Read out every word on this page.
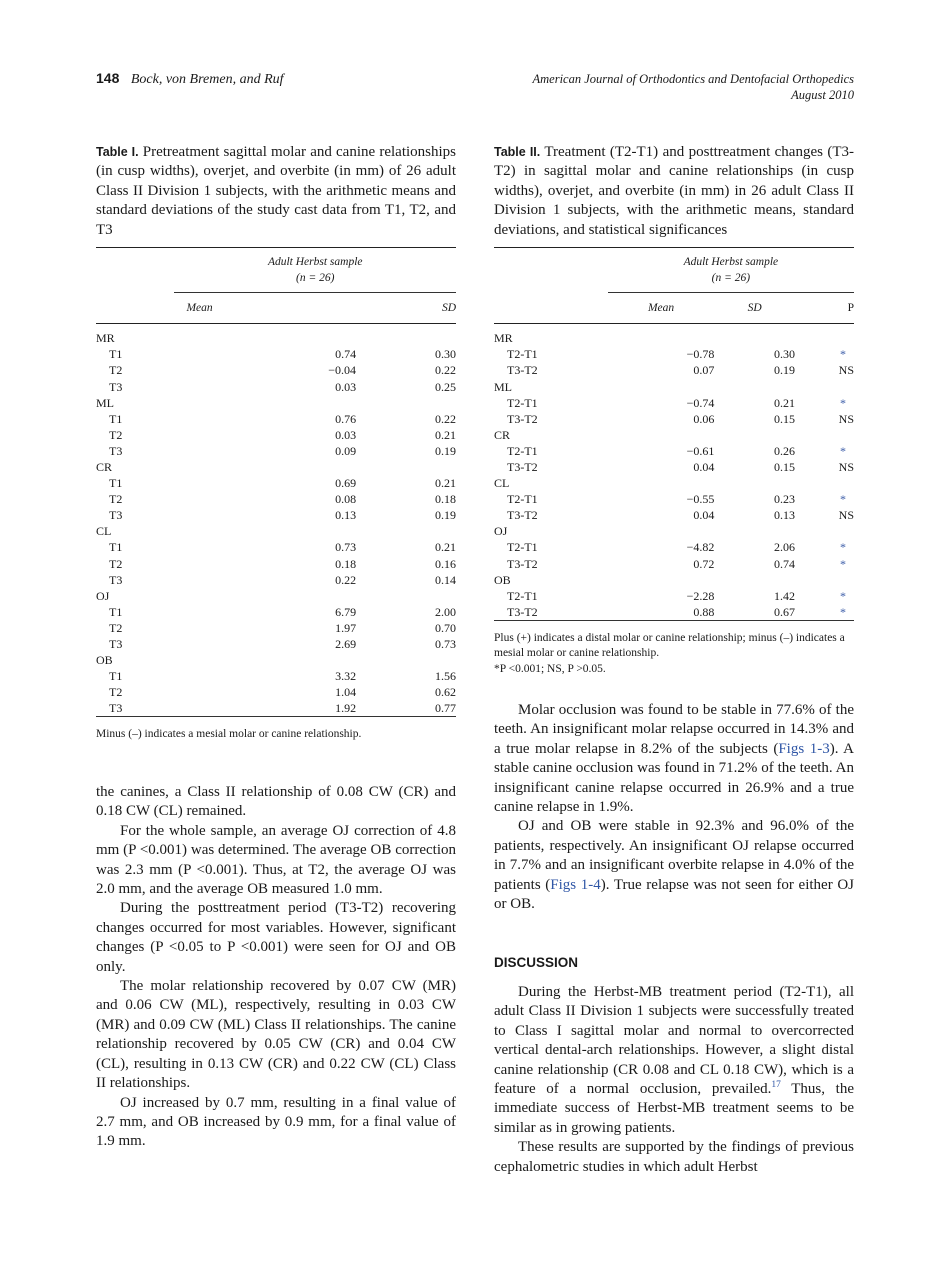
148 Bock, von Bremen, and Ruf	American Journal of Orthodontics and Dentofacial Orthopedics
August 2010
Table I. Pretreatment sagittal molar and canine relationships (in cusp widths), overjet, and overbite (in mm) of 26 adult Class II Division 1 subjects, with the arithmetic means and standard deviations of the study cast data from T1, T2, and T3

	Adult Herbst sample
(n = 26)	

	Mean	SD

MR		
T1	0.74	0.30
T2	−0.04	0.22
T3	0.03	0.25
ML		
T1	0.76	0.22
T2	0.03	0.21
T3	0.09	0.19
CR		
T1	0.69	0.21
T2	0.08	0.18
T3	0.13	0.19
CL		
T1	0.73	0.21
T2	0.18	0.16
T3	0.22	0.14
OJ		
T1	6.79	2.00
T2	1.97	0.70
T3	2.69	0.73
OB		
T1	3.32	1.56
T2	1.04	0.62
T3	1.92	0.77

Minus (–) indicates a mesial molar or canine relationship.

the canines, a Class II relationship of 0.08 CW (CR) and 0.18 CW (CL) remained.

For the whole sample, an average OJ correction of 4.8 mm (P <0.001) was determined. The average OB correction was 2.3 mm (P <0.001). Thus, at T2, the average OJ was 2.0 mm, and the average OB measured 1.0 mm.

During the posttreatment period (T3-T2) recovering changes occurred for most variables. However, significant changes (P <0.05 to P <0.001) were seen for OJ and OB only.

The molar relationship recovered by 0.07 CW (MR) and 0.06 CW (ML), respectively, resulting in 0.03 CW (MR) and 0.09 CW (ML) Class II relationships. The canine relationship recovered by 0.05 CW (CR) and 0.04 CW (CL), resulting in 0.13 CW (CR) and 0.22 CW (CL) Class II relationships.

OJ increased by 0.7 mm, resulting in a final value of 2.7 mm, and OB increased by 0.9 mm, for a final value of 1.9 mm.

Table II. Treatment (T2-T1) and posttreatment changes (T3-T2) in sagittal molar and canine relationships (in cusp widths), overjet, and overbite (in mm) in 26 adult Class II Division 1 subjects, with the arithmetic means, standard deviations, and statistical significances

	Adult Herbst sample
(n = 26)		

	Mean	SD	P

MR			
T2-T1	−0.78	0.30	*
T3-T2	0.07	0.19	NS
ML			
T2-T1	−0.74	0.21	*
T3-T2	0.06	0.15	NS
CR			
T2-T1	−0.61	0.26	*
T3-T2	0.04	0.15	NS
CL			
T2-T1	−0.55	0.23	*
T3-T2	0.04	0.13	NS
OJ			
T2-T1	−4.82	2.06	*
T3-T2	0.72	0.74	*
OB			
T2-T1	−2.28	1.42	*
T3-T2	0.88	0.67	*

Plus (+) indicates a distal molar or canine relationship; minus (–) indicates a mesial molar or canine relationship.
*P <0.001; NS, P >0.05.

Molar occlusion was found to be stable in 77.6% of the teeth. An insignificant molar relapse occurred in 14.3% and a true molar relapse in 8.2% of the subjects (Figs 1-3). A stable canine occlusion was found in 71.2% of the teeth. An insignificant canine relapse occurred in 26.9% and a true canine relapse in 1.9%.

OJ and OB were stable in 92.3% and 96.0% of the patients, respectively. An insignificant OJ relapse occurred in 7.7% and an insignificant overbite relapse in 4.0% of the patients (Figs 1-4). True relapse was not seen for either OJ or OB.

DISCUSSION

During the Herbst-MB treatment period (T2-T1), all adult Class II Division 1 subjects were successfully treated to Class I sagittal molar and normal to overcorrected vertical dental-arch relationships. However, a slight distal canine relationship (CR 0.08 and CL 0.18 CW), which is a feature of a normal occlusion, prevailed.$^{17}$ Thus, the immediate success of Herbst-MB treatment seems to be similar as in growing patients.

These results are supported by the findings of previous cephalometric studies in which adult Herbst
